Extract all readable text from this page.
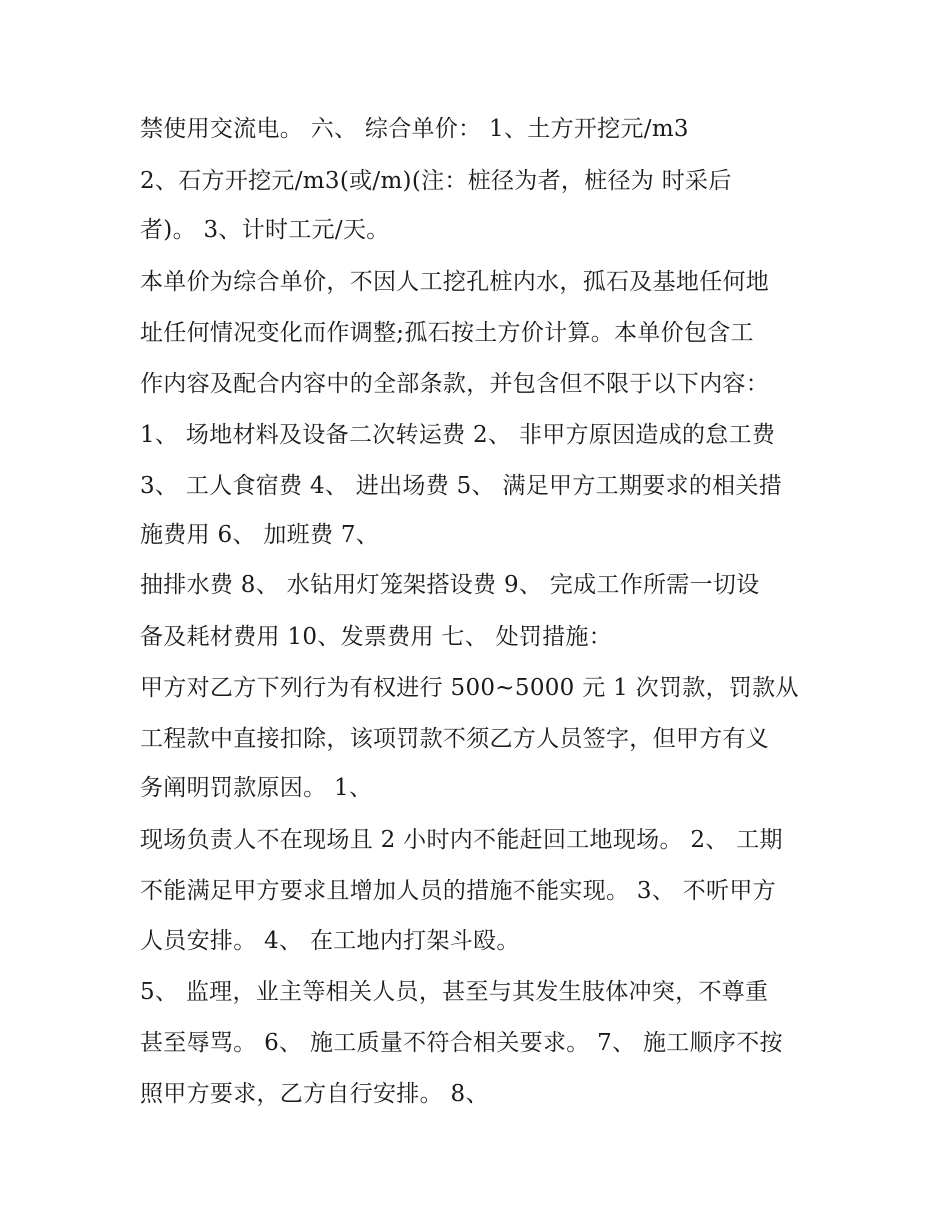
禁使用交流电。 六、 综合单价： 1、土方开挖元/m3
2、石方开挖元/m3(或/m)(注：桩径为者，桩径为 时采后
者)。 3、计时工元/天。
本单价为综合单价，不因人工挖孔桩内水，孤石及基地任何地
址任何情况变化而作调整;孤石按土方价计算。本单价包含工
作内容及配合内容中的全部条款，并包含但不限于以下内容：
1、 场地材料及设备二次转运费 2、 非甲方原因造成的怠工费
3、 工人食宿费 4、 进出场费 5、 满足甲方工期要求的相关措
施费用 6、 加班费 7、
抽排水费 8、 水钻用灯笼架搭设费 9、 完成工作所需一切设
备及耗材费用 10、发票费用 七、 处罚措施：
甲方对乙方下列行为有权进行 500~5000 元 1 次罚款，罚款从
工程款中直接扣除，该项罚款不须乙方人员签字，但甲方有义
务阐明罚款原因。 1、
现场负责人不在现场且 2 小时内不能赶回工地现场。 2、 工期
不能满足甲方要求且增加人员的措施不能实现。 3、 不听甲方
人员安排。 4、 在工地内打架斗殴。
5、 监理，业主等相关人员，甚至与其发生肢体冲突，不尊重
甚至辱骂。 6、 施工质量不符合相关要求。 7、 施工顺序不按
照甲方要求，乙方自行安排。 8、
